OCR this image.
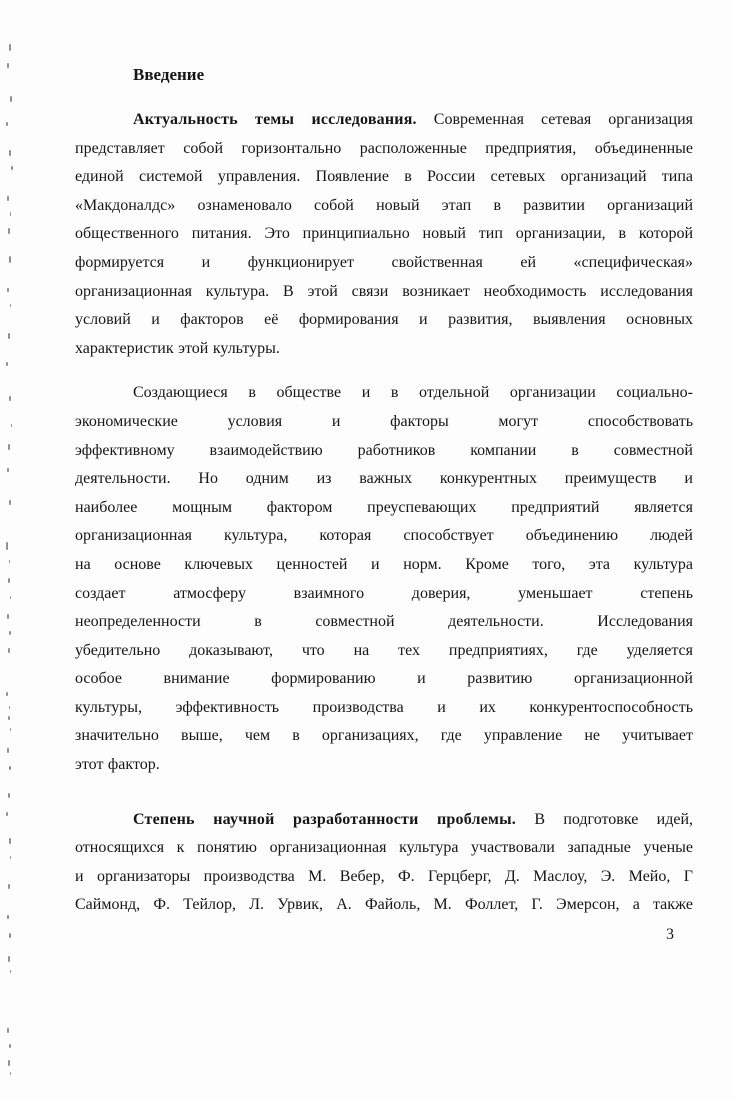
Введение

Актуальность темы исследования. Современная сетевая организация
представляет собой горизонтально расположенные предприятия, объединенные
единой системой управления. Появление в России сетевых организаций типа
«Макдоналдс» ознаменовало собой новый этап в развитии организаций
общественного питания. Это принципиально новый тип организации, в которой
формируется и функционирует свойственная ей «специфическая»
организационная культура. В этой связи возникает необходимость исследования
условий и факторов её формирования и развития, выявления основных
характеристик этой культуры.

Создающиеся в обществе и в отдельной организации социально-
экономические условия и факторы могут способствовать
эффективному взаимодействию работников компании в совместной
деятельности. Но одним из важных конкурентных преимуществ и
наиболее мощным фактором преуспевающих предприятий является
организационная культура, которая способствует объединению людей
на основе ключевых ценностей и норм. Кроме того, эта культура
создает атмосферу взаимного доверия, уменьшает степень
неопределенности в совместной деятельности. Исследования
убедительно доказывают, что на тех предприятиях, где уделяется
особое внимание формированию и развитию организационной
культуры, эффективность производства и их конкурентоспособность
значительно выше, чем в организациях, где управление не учитывает
этот фактор.

Степень научной разработанности проблемы. В подготовке идей,
относящихся к понятию организационная культура участвовали западные ученые
и организаторы производства М. Вебер, Ф. Герцберг, Д. Маслоу, Э. Мейо, Г
Саймонд, Ф. Тейлор, Л. Урвик, А. Файоль, М. Фоллет, Г. Эмерсон, а также

3
